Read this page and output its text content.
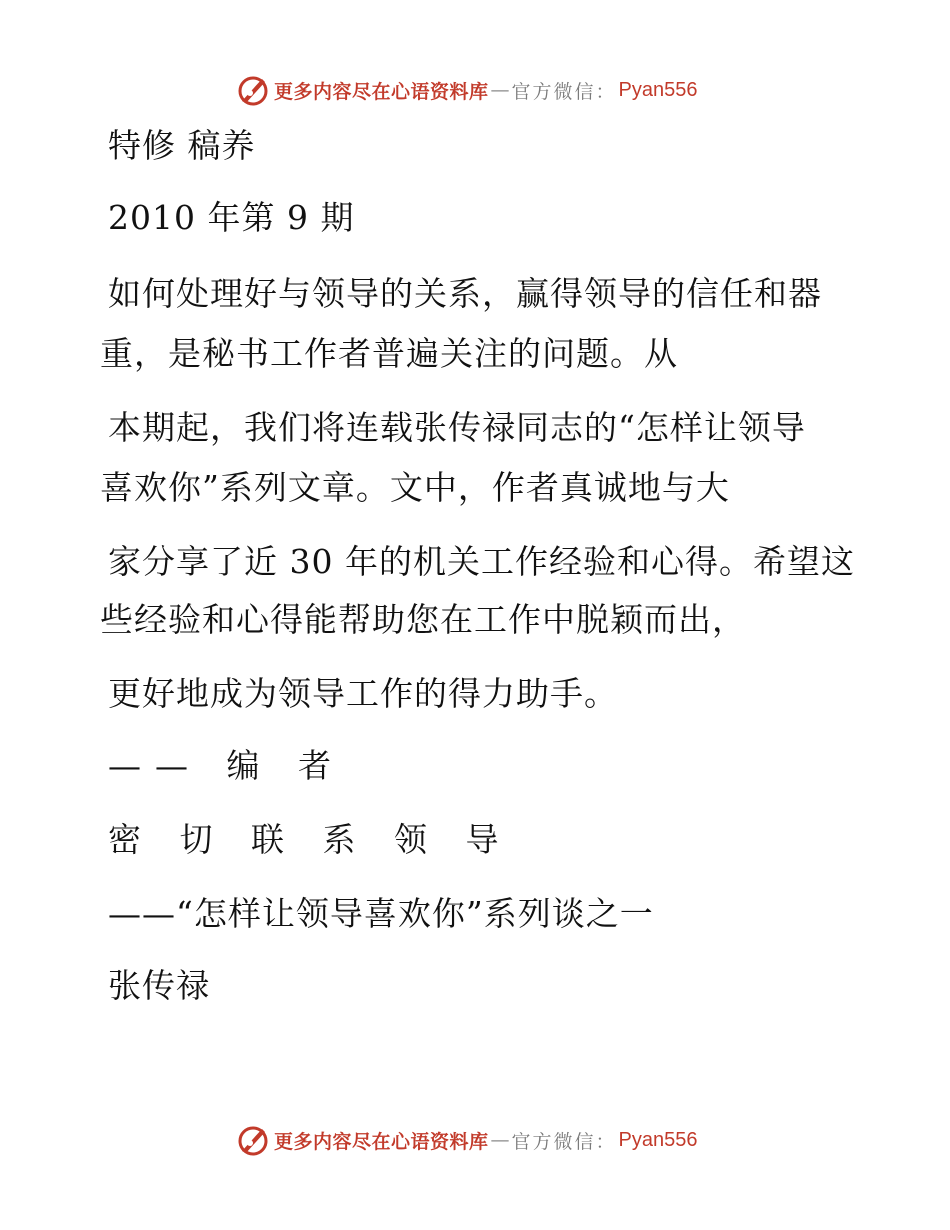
更多内容尽在心语资料库 — 官方微信： Pyan556
特修 稿养
2010 年第 9 期
如何处理好与领导的关系，赢得领导的信任和器
重，是秘书工作者普遍关注的问题。从
本期起，我们将连载张传禄同志的“怎样让领导
喜欢你”系列文章。文中，作者真诚地与大
家分享了近 30 年的机关工作经验和心得。希望这
些经验和心得能帮助您在工作中脱颖而出，
更好地成为领导工作的得力助手。
—— 编 者
密 切 联 系 领 导
——“怎样让领导喜欢你”系列谈之一
张传禄
更多内容尽在心语资料库 — 官方微信： Pyan556
